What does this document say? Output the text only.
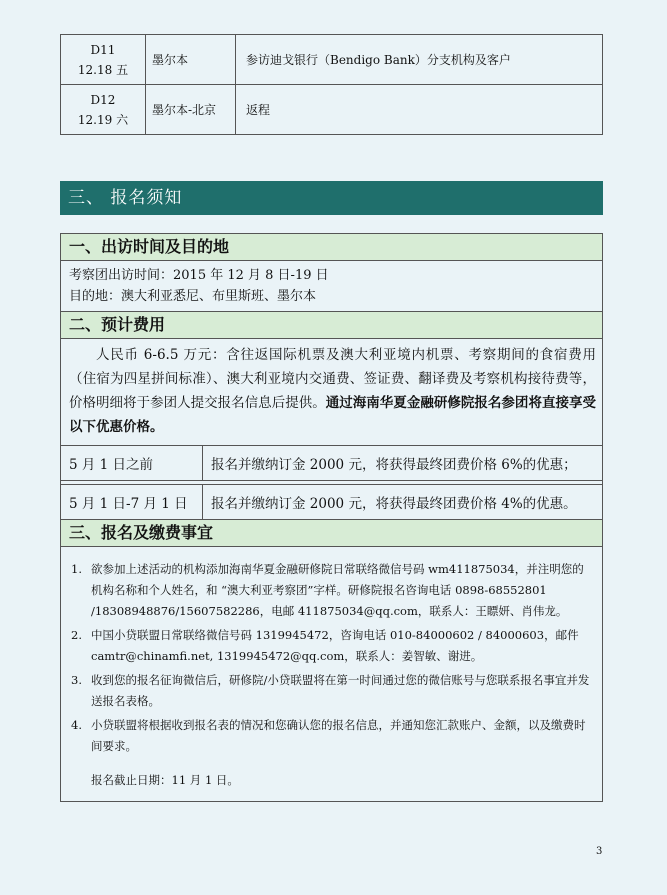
D11
12.18 五	墨尔本	参访迪戈银行（Bendigo Bank）分支机构及客户

D12
12.19 六	墨尔本-北京	返程
三、 报名须知
一、出访时间及目的地
考察团出访时间：2015 年 12 月 8 日-19 日
目的地：澳大利亚悉尼、布里斯班、墨尔本
二、预计费用
人民币 6-6.5 万元：含往返国际机票及澳大利亚境内机票、考察期间的食宿费用（住宿为四星拼间标准）、澳大利亚境内交通费、签证费、翻译费及考察机构接待费等，价格明细将于参团人提交报名信息后提供。通过海南华夏金融研修院报名参团将直接享受以下优惠价格。
5 月 1 日之前	报名并缴纳订金 2000 元，将获得最终团费价格 6%的优惠；

5 月 1 日-7 月 1 日	报名并缴纳订金 2000 元，将获得最终团费价格 4%的优惠。
三、报名及缴费事宜
1. 欲参加上述活动的机构添加海南华夏金融研修院日常联络微信号码 wm411875034，并注明您的机构名称和个人姓名，和 “澳大利亚考察团”字样。研修院报名咨询电话 0898-68552801 /18308948876/15607582286，电邮 411875034@qq.com，联系人：王瞟妍、肖伟龙。
2. 中国小贷联盟日常联络微信号码 1319945472，咨询电话 010-84000602 / 84000603，邮件 camtr@chinamfi.net, 1319945472@qq.com，联系人：姜智敏、谢进。
3. 收到您的报名征询微信后，研修院/小贷联盟将在第一时间通过您的微信账号与您联系报名事宜并发送报名表格。
4. 小贷联盟将根据收到报名表的情况和您确认您的报名信息，并通知您汇款账户、金额，以及缴费时间要求。
报名截止日期：11 月 1 日。
3
